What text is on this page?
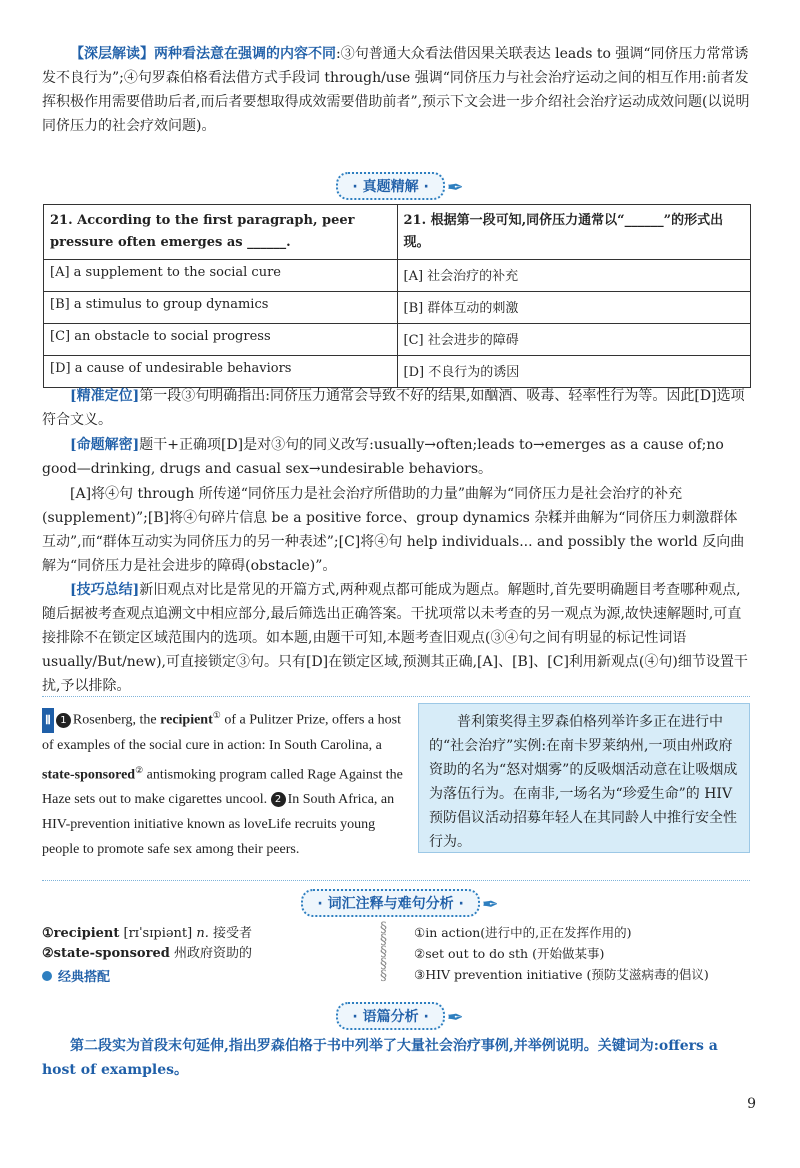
【深层解读】两种看法意在强调的内容不同:③句普通大众看法借因果关联表达 leads to 强调“同侪压力常常诱发不良行为”;④句罗森伯格看法借方式手段词 through/use 强调“同侪压力与社会治疗运动之间的相互作用:前者发挥积极作用需要借助后者,而后者要想取得成效需要借助前者”,预示下文会进一步介绍社会治疗运动成效问题(以说明同侪压力的社会疗效问题)。

· 真题精解 · ✒
21. According to the first paragraph, peer pressure often emerges as ______.	21. 根据第一段可知,同侪压力通常以“______”的形式出现。
[A] a supplement to the social cure	[A] 社会治疗的补充
[B] a stimulus to group dynamics	[B] 群体互动的刺激
[C] an obstacle to social progress	[C] 社会进步的障碍
[D] a cause of undesirable behaviors	[D] 不良行为的诱因

[精准定位]第一段③句明确指出:同侪压力通常会导致不好的结果,如酗酒、吸毒、轻率性行为等。因此[D]选项符合文义。

[命题解密]题干+正确项[D]是对③句的同义改写:usually→often;leads to→emerges as a cause of;no good—drinking, drugs and casual sex→undesirable behaviors。

[A]将④句 through 所传递“同侪压力是社会治疗所借助的力量”曲解为“同侪压力是社会治疗的补充(supplement)”;[B]将④句碎片信息 be a positive force、group dynamics 杂糅并曲解为“同侪压力刺激群体互动”,而“群体互动实为同侪压力的另一种表述”;[C]将④句 help individuals... and possibly the world 反向曲解为“同侪压力是社会进步的障碍(obstacle)”。

[技巧总结]新旧观点对比是常见的开篇方式,两种观点都可能成为题点。解题时,首先要明确题目考查哪种观点,随后据被考查观点追溯文中相应部分,最后筛选出正确答案。干扰项常以未考查的另一观点为源,故快速解题时,可直接排除不在锁定区域范围内的选项。如本题,由题干可知,本题考查旧观点(③④句之间有明显的标记性词语 usually/But/new),可直接锁定③句。只有[D]在锁定区域,预测其正确,[A]、[B]、[C]利用新观点(④句)细节设置干扰,予以排除。

Ⅱ 1 Rosenberg, the recipient① of a Pulitzer Prize, offers a host of examples of the social cure in action: In South Carolina, a state-sponsored② antismoking program called Rage Against the Haze sets out to make cigarettes uncool. 2 In South Africa, an HIV-prevention initiative known as loveLife recruits young people to promote safe sex among their peers.

普利策奖得主罗森伯格列举许多正在进行中的“社会治疗”实例:在南卡罗莱纳州,一项由州政府资助的名为“怒对烟雾”的反吸烟活动意在让吸烟成为落伍行为。在南非,一场名为“珍爱生命”的 HIV 预防倡议活动招募年轻人在其同龄人中推行安全性行为。
· 词汇注释与难句分析 · ✒
①recipient [rɪˈsɪpiənt] n. 接受者
②state-sponsored 州政府资助的
经典搭配
§
§
§
§
§
①in action(进行中的,正在发挥作用的)
②set out to do sth (开始做某事)
③HIV prevention initiative (预防艾滋病毒的倡议)
· 语篇分析 · ✒

第二段实为首段末句延伸,指出罗森伯格于书中列举了大量社会治疗事例,并举例说明。关键词为:offers a host of examples。

9
